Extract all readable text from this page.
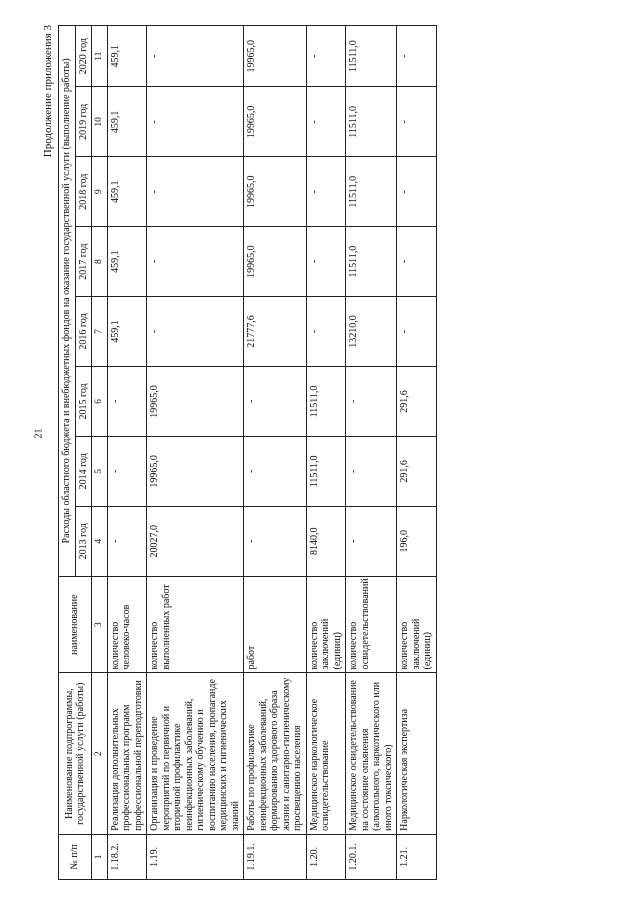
21
Продолжение приложения 3
№ п/п	Наименование подпрограммы, государственной услуги (работы)	наименование	Расходы областного бюджета и внебюджетных фондов на оказание государственной услуги (выполнение работы)							
			2013 год	2014 год	2015 год	2016 год	2017 год	2018 год	2019 год	2020 год

1	2	3	4	5	6	7	8	9	10	11
1.18.2.	Реализация дополнительных профессиональных программ профессиональной переподготовки	количество человеко-часов	-	-	-	459,1	459,1	459,1	459,1	459,1
1.19.	Организация и проведение мероприятий по первичной и вторичной профилактике неинфекционных заболеваний, гигиеническому обучению и воспитанию населения, пропаганде медицинских и гигиенических знаний	количество выполненных работ	20027,0	19965,0	19965,0	-	-	-	-	-
1.19.1.	Работы по профилактике неинфекционных заболеваний, формированию здорового образа жизни и санитарно-гигиеническому просвещению населения	работ	-	-	-	21777,6	19965,0	19965,0	19965,0	19965,0
1.20.	Медицинское наркологическое освидетельствование	количество заключений (единиц)	8140,0	11511,0	11511,0	-	-	-	-	-
1.20.1.	Медицинское освидетельствование на состояние опьянения (алкогольного, наркотического или иного токсического)	количество освидетельствований	-	-	-	13210,0	11511,0	11511,0	11511,0	11511,0
1.21.	Наркологическая экспертиза	количество заключений (единиц)	196,0	291,6	291,6	-	-	-	-	-
